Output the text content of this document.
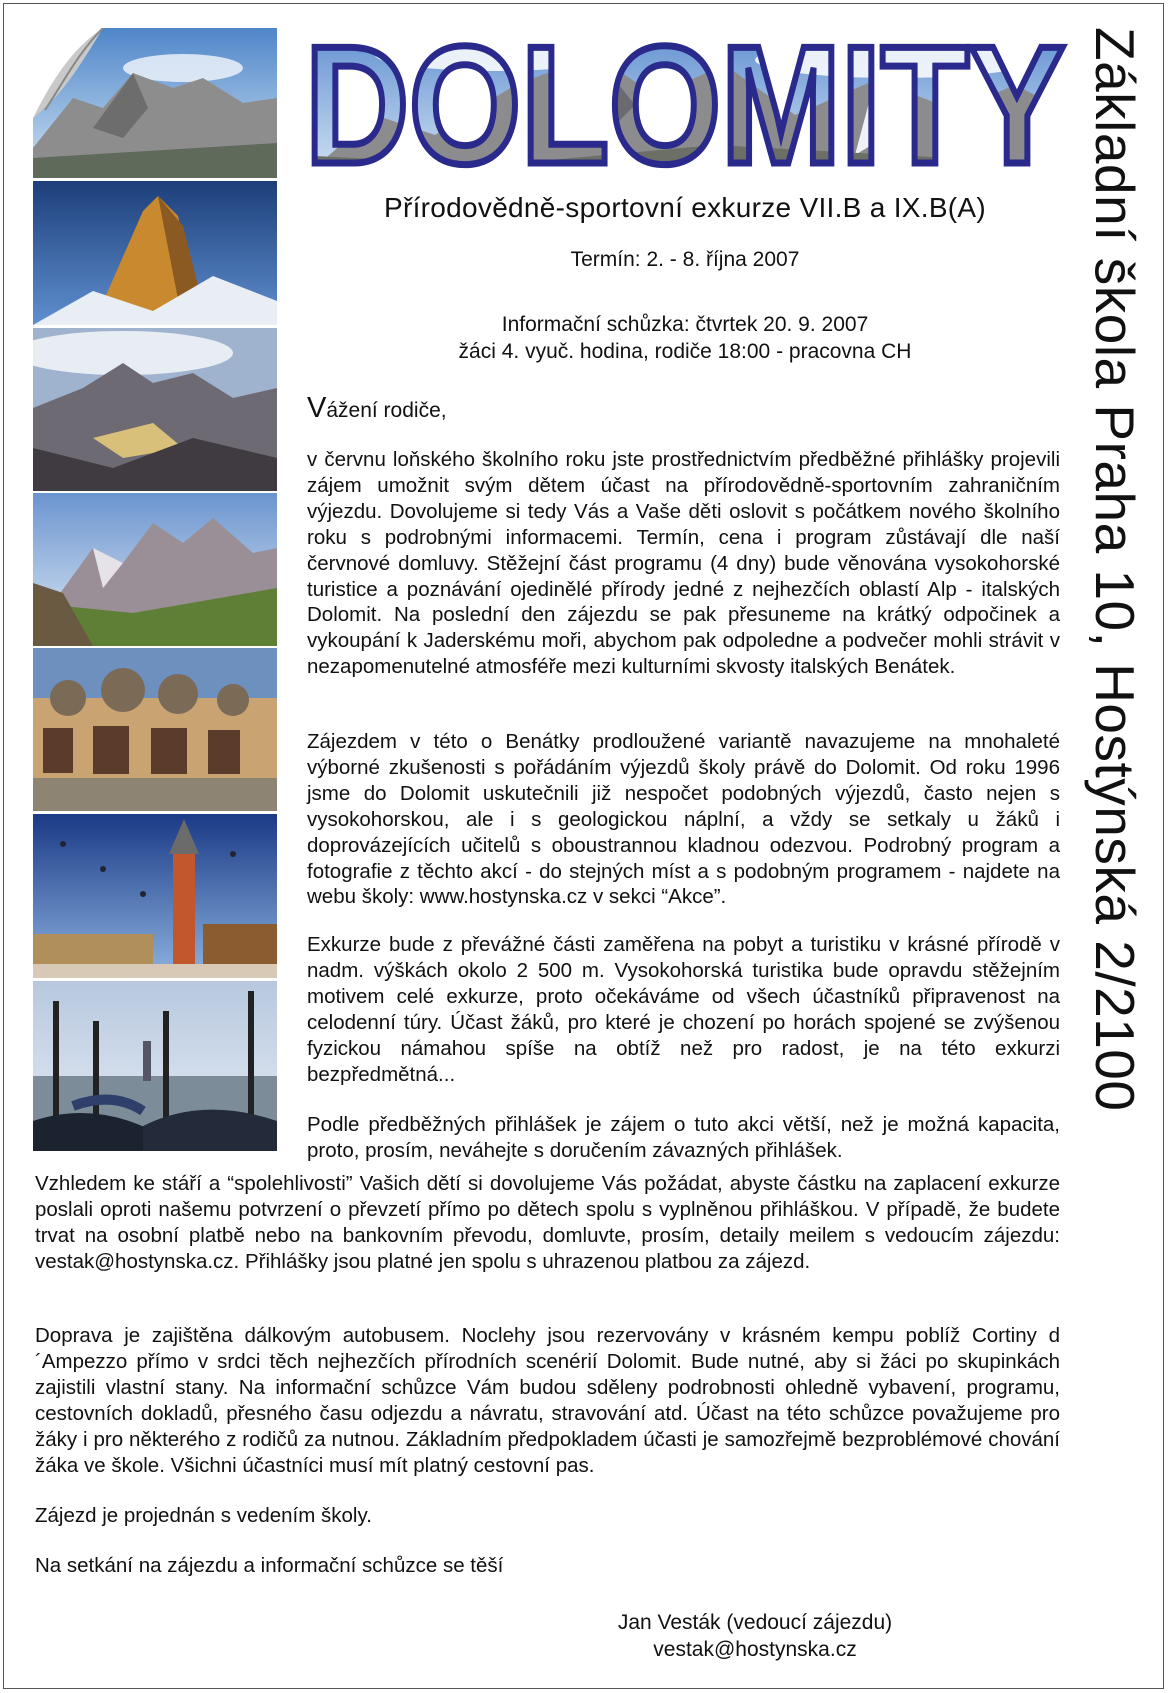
DOLOMITY Základní škola Praha 10, Hostýnská 2/2100
Přírodovědně-sportovní exkurze VII.B a IX.B(A)
Termín: 2. - 8. října 2007
Informační schůzka: čtvrtek 20. 9. 2007
žáci 4. vyuč. hodina, rodiče 18:00 - pracovna CH
Vážení rodiče,
v červnu loňského školního roku jste prostřednictvím předběžné přihlášky projevili zájem umožnit svým dětem účast na přírodovědně-sportovním zahraničním výjezdu. Dovolujeme si tedy Vás a Vaše děti oslovit s počátkem nového školního roku s podrobnými informacemi. Termín, cena i program zůstávají dle naší červnové domluvy. Stěžejní část programu (4 dny) bude věnována vysokohorské turistice a poznávání ojedinělé přírody jedné z nejhezčích oblastí Alp - italských Dolomit. Na poslední den zájezdu se pak přesuneme na krátký odpočinek a vykoupání k Jaderskému moři, abychom pak odpoledne a podvečer mohli strávit v nezapomenutelné atmosféře mezi kulturními skvosty italských Benátek.
Zájezdem v této o Benátky prodloužené variantě navazujeme na mnohaleté výborné zkušenosti s pořádáním výjezdů školy právě do Dolomit. Od roku 1996 jsme do Dolomit uskutečnili již nespočet podobných výjezdů, často nejen s vysokohorskou, ale i s geologickou náplní, a vždy se setkaly u žáků i doprovázejících učitelů s oboustrannou kladnou odezvou. Podrobný program a fotografie z těchto akcí - do stejných míst a s podobným programem - najdete na webu školy: www.hostynska.cz v sekci “Akce”.
Exkurze bude z převážné části zaměřena na pobyt a turistiku v krásné přírodě v nadm. výškách okolo 2 500 m. Vysokohorská turistika bude opravdu stěžejním motivem celé exkurze, proto očekáváme od všech účastníků připravenost na celodenní túry. Účast žáků, pro které je chození po horách spojené se zvýšenou fyzickou námahou spíše na obtíž než pro radost, je na této exkurzi bezpředmětná...
Podle předběžných přihlášek je zájem o tuto akci větší, než je možná kapacita, proto, prosím, neváhejte s doručením závazných přihlášek.
Vzhledem ke stáří a “spolehlivosti” Vašich dětí si dovolujeme Vás požádat, abyste částku na zaplacení exkurze poslali oproti našemu potvrzení o převzetí přímo po dětech spolu s vyplněnou přihláškou. V případě, že budete trvat na osobní platbě nebo na bankovním převodu, domluvte, prosím, detaily meilem s vedoucím zájezdu: vestak@hostynska.cz. Přihlášky jsou platné jen spolu s uhrazenou platbou za zájezd.
Doprava je zajištěna dálkovým autobusem. Noclehy jsou rezervovány v krásném kempu poblíž Cortiny d´Ampezzo přímo v srdci těch nejhezčích přírodních scenérií Dolomit. Bude nutné, aby si žáci po skupinkách zajistili vlastní stany. Na informační schůzce Vám budou sděleny podrobnosti ohledně vybavení, programu, cestovních dokladů, přesného času odjezdu a návratu, stravování atd. Účast na této schůzce považujeme pro žáky i pro některého z rodičů za nutnou. Základním předpokladem účasti je samozřejmě bezproblémové chování žáka ve škole. Všichni účastníci musí mít platný cestovní pas.
Zájezd je projednán s vedením školy.
Na setkání na zájezdu a informační schůzce se těší
Jan Vesták (vedoucí zájezdu)
vestak@hostynska.cz
